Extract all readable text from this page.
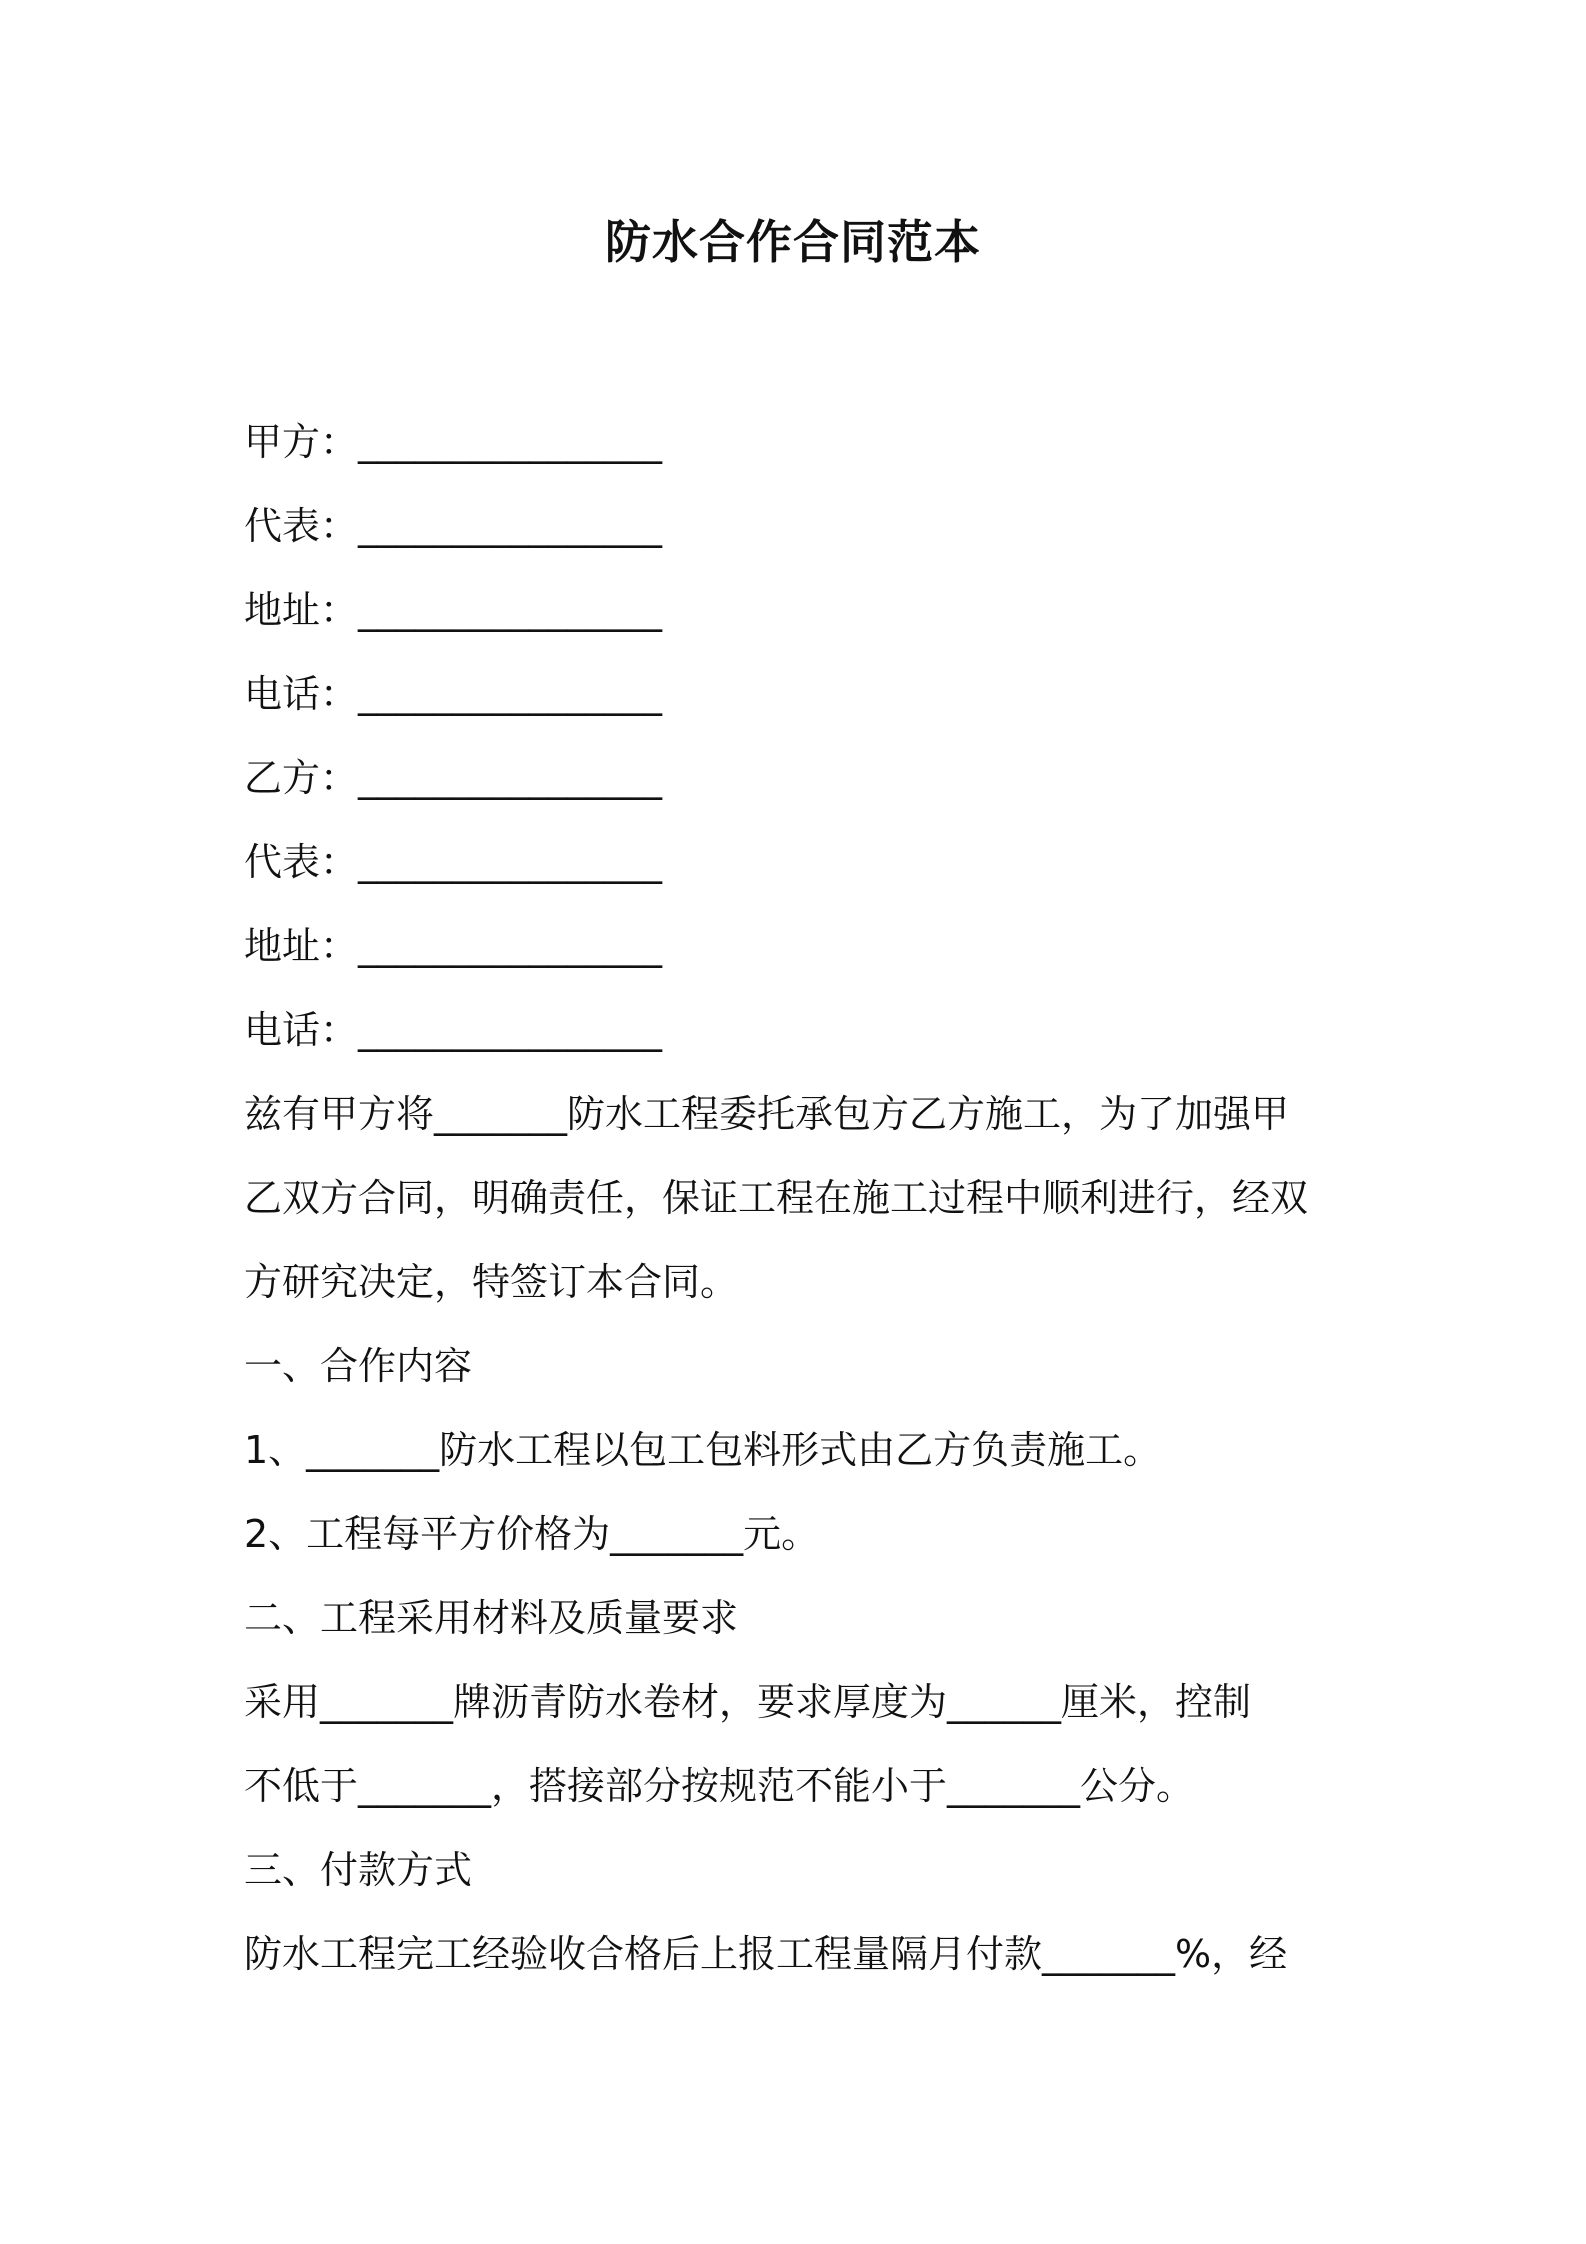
防水合作合同范本
甲方：________________
代表：________________
地址：________________
电话：________________
乙方：________________
代表：________________
地址：________________
电话：________________
兹有甲方将_______防水工程委托承包方乙方施工，为了加强甲
乙双方合同，明确责任，保证工程在施工过程中顺利进行，经双
方研究决定，特签订本合同。
一、合作内容
1、_______防水工程以包工包料形式由乙方负责施工。
2、工程每平方价格为_______元。
二、工程采用材料及质量要求
采用_______牌沥青防水卷材，要求厚度为______厘米，控制
不低于_______，搭接部分按规范不能小于_______公分。
三、付款方式
防水工程完工经验收合格后上报工程量隔月付款_______%，经
